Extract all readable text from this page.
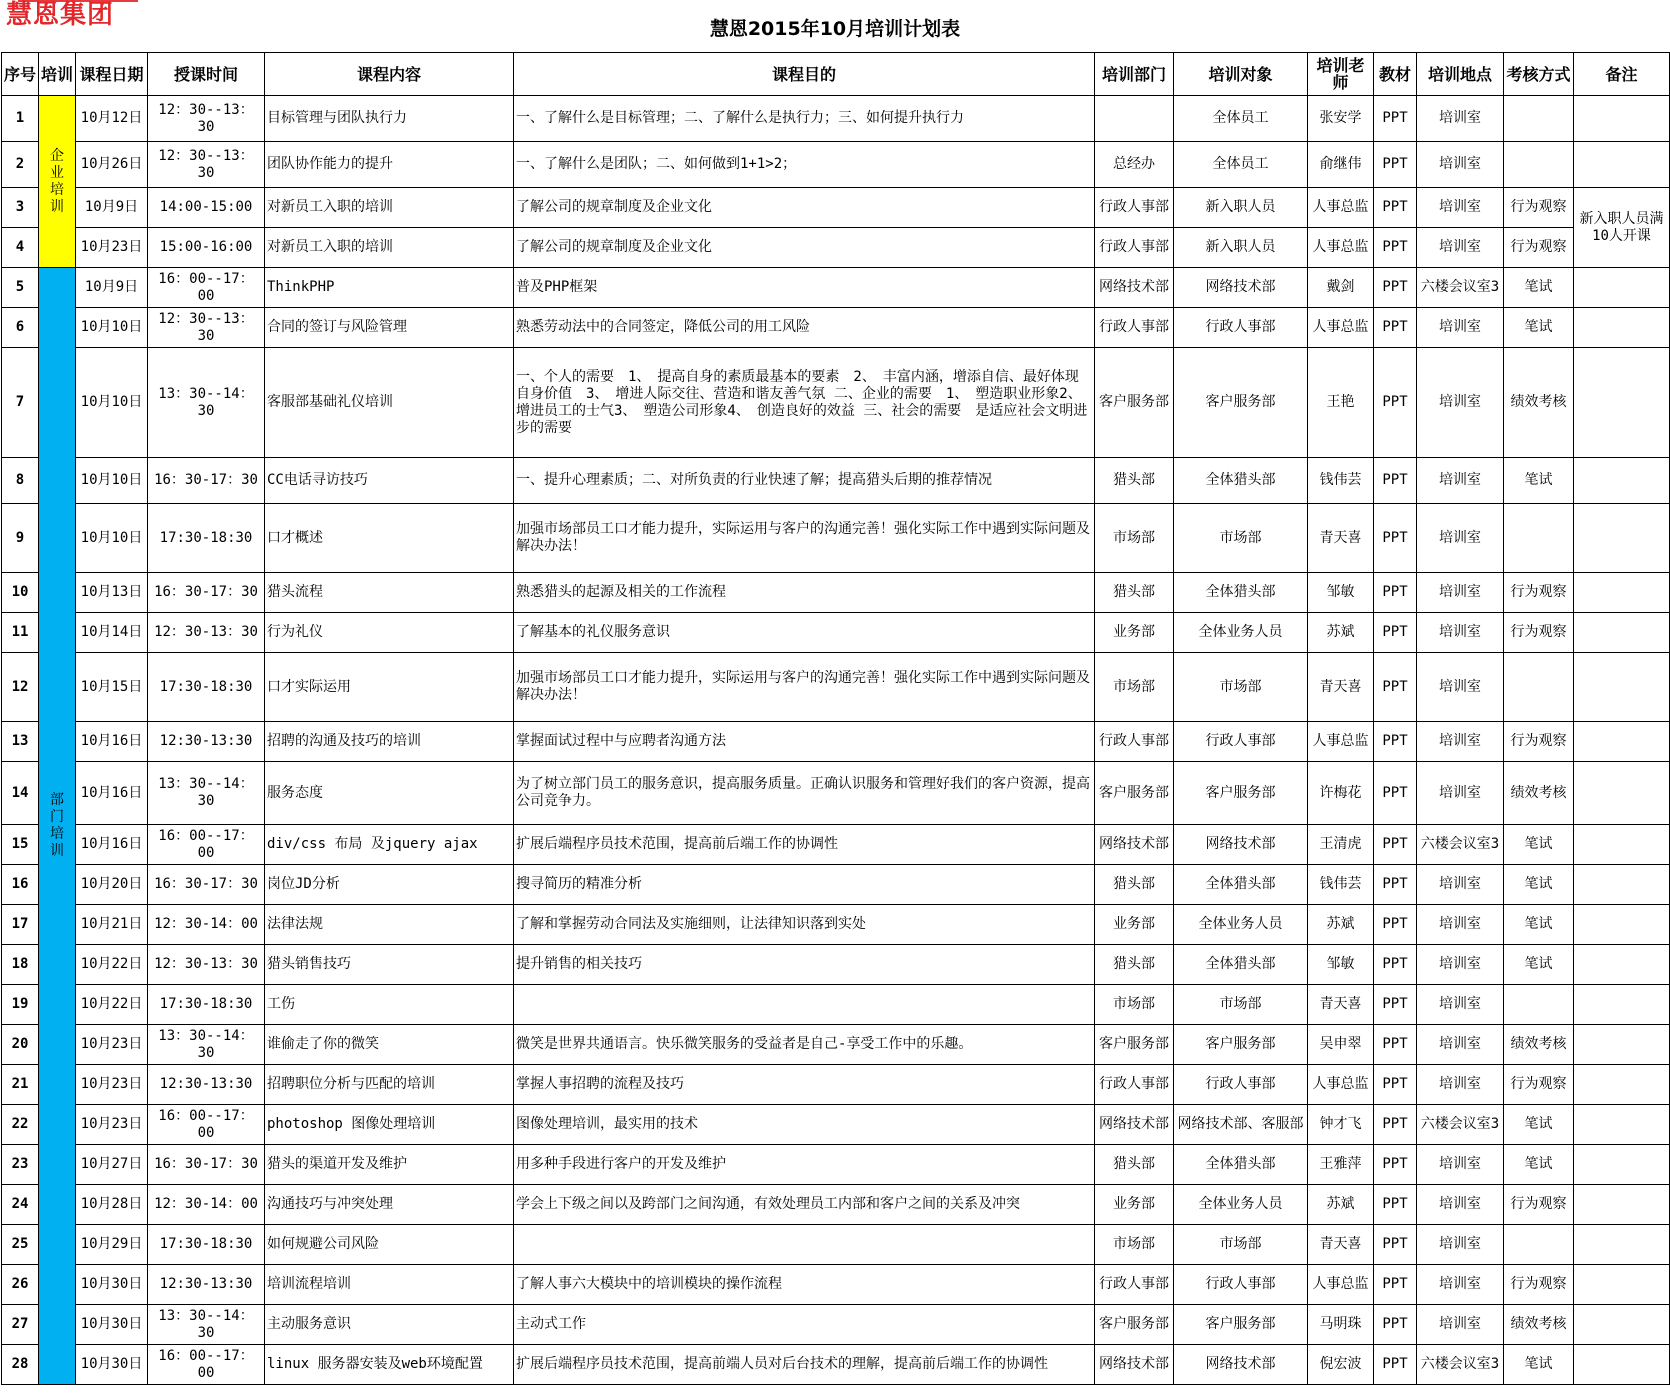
慧恩集团	慧恩2015年10月培训计划表
序号	培训	课程日期	授课时间	课程内容	课程目的	培训部门	培训对象	培训老师	教材	培训地点	考核方式	备注
1	企业培训	10月12日	12：30--13：30	目标管理与团队执行力	一、了解什么是目标管理；二、了解什么是执行力；三、如何提升执行力		全体员工	张安学	PPT	培训室		
2		10月26日	12：30--13：30	团队协作能力的提升	一、了解什么是团队；二、如何做到1+1>2；	总经办	全体员工	俞继伟	PPT	培训室		
3		10月9日	14:00-15:00	对新员工入职的培训	了解公司的规章制度及企业文化	行政人事部	新入职人员	人事总监	PPT	培训室	行为观察	新入职人员满10人开课
4		10月23日	15:00-16:00	对新员工入职的培训	了解公司的规章制度及企业文化	行政人事部	新入职人员	人事总监	PPT	培训室	行为观察	
5	部门培训	10月9日	16：00--17：00	ThinkPHP	普及PHP框架	网络技术部	网络技术部	戴剑	PPT	六楼会议室3	笔试	
6		10月10日	12：30--13：30	合同的签订与风险管理	熟悉劳动法中的合同签定，降低公司的用工风险	行政人事部	行政人事部	人事总监	PPT	培训室	笔试	
7		10月10日	13：30--14：30	客服部基础礼仪培训	一、个人的需要　1、　提高自身的素质最基本的要素　2、　丰富内涵，增添自信、最好体现自身价值　3、　增进人际交往、营造和谐友善气氛 二、企业的需要　1、　塑造职业形象2、　增进员工的士气3、　塑造公司形象4、　创造良好的效益 三、社会的需要　是适应社会文明进步的需要	客户服务部	客户服务部	王艳	PPT	培训室	绩效考核	
8		10月10日	16：30-17：30	CC电话寻访技巧	一、提升心理素质；二、对所负责的行业快速了解；提高猎头后期的推荐情况	猎头部	全体猎头部	钱伟芸	PPT	培训室	笔试	
9		10月10日	17:30-18:30	口才概述	加强市场部员工口才能力提升，实际运用与客户的沟通完善！强化实际工作中遇到实际问题及解决办法！	市场部	市场部	青天喜	PPT	培训室		
10		10月13日	16：30-17：30	猎头流程	熟悉猎头的起源及相关的工作流程	猎头部	全体猎头部	邹敏	PPT	培训室	行为观察	
11		10月14日	12：30-13：30	行为礼仪	了解基本的礼仪服务意识	业务部	全体业务人员	苏斌	PPT	培训室	行为观察	
12		10月15日	17:30-18:30	口才实际运用	加强市场部员工口才能力提升，实际运用与客户的沟通完善！强化实际工作中遇到实际问题及解决办法！	市场部	市场部	青天喜	PPT	培训室		
13		10月16日	12:30-13:30	招聘的沟通及技巧的培训	掌握面试过程中与应聘者沟通方法	行政人事部	行政人事部	人事总监	PPT	培训室	行为观察	
14		10月16日	13：30--14：30	服务态度	为了树立部门员工的服务意识，提高服务质量。正确认识服务和管理好我们的客户资源，提高公司竞争力。	客户服务部	客户服务部	许梅花	PPT	培训室	绩效考核	
15		10月16日	16：00--17：00	div/css 布局 及jquery ajax	扩展后端程序员技术范围，提高前后端工作的协调性	网络技术部	网络技术部	王清虎	PPT	六楼会议室3	笔试	
16		10月20日	16：30-17：30	岗位JD分析	搜寻简历的精准分析	猎头部	全体猎头部	钱伟芸	PPT	培训室	笔试	
17		10月21日	12：30-14：00	法律法规	了解和掌握劳动合同法及实施细则，让法律知识落到实处	业务部	全体业务人员	苏斌	PPT	培训室	笔试	
18		10月22日	12：30-13：30	猎头销售技巧	提升销售的相关技巧	猎头部	全体猎头部	邹敏	PPT	培训室	笔试	
19		10月22日	17:30-18:30	工伤		市场部	市场部	青天喜	PPT	培训室		
20		10月23日	13：30--14：30	谁偷走了你的微笑	微笑是世界共通语言。快乐微笑服务的受益者是自己-享受工作中的乐趣。	客户服务部	客户服务部	吴申翠	PPT	培训室	绩效考核	
21		10月23日	12:30-13:30	招聘职位分析与匹配的培训	掌握人事招聘的流程及技巧	行政人事部	行政人事部	人事总监	PPT	培训室	行为观察	
22		10月23日	16：00--17：00	photoshop 图像处理培训	图像处理培训，最实用的技术	网络技术部	网络技术部、客服部	钟才飞	PPT	六楼会议室3	笔试	
23		10月27日	16：30-17：30	猎头的渠道开发及维护	用多种手段进行客户的开发及维护	猎头部	全体猎头部	王雅萍	PPT	培训室	笔试	
24		10月28日	12：30-14：00	沟通技巧与冲突处理	学会上下级之间以及跨部门之间沟通，有效处理员工内部和客户之间的关系及冲突	业务部	全体业务人员	苏斌	PPT	培训室	行为观察	
25		10月29日	17:30-18:30	如何规避公司风险		市场部	市场部	青天喜	PPT	培训室		
26		10月30日	12:30-13:30	培训流程培训	了解人事六大模块中的培训模块的操作流程	行政人事部	行政人事部	人事总监	PPT	培训室	行为观察	
27		10月30日	13：30--14：30	主动服务意识	主动式工作	客户服务部	客户服务部	马明珠	PPT	培训室	绩效考核	
28		10月30日	16：00--17：00	linux 服务器安装及web环境配置	扩展后端程序员技术范围，提高前端人员对后台技术的理解，提高前后端工作的协调性	网络技术部	网络技术部	倪宏波	PPT	六楼会议室3	笔试	
